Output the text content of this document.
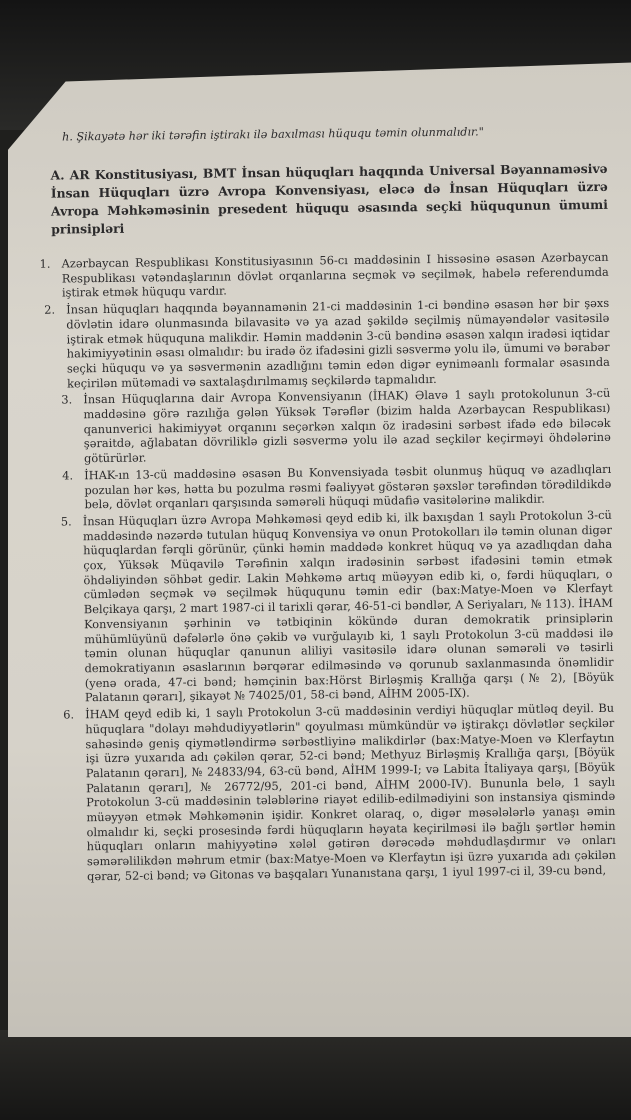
h. Şikayətə hər iki tərəfin iştirakı ilə baxılması hüququ təmin olunmalıdır."

A. AR Konstitusiyası, BMT İnsan hüquqları haqqında Universal Bəyannaməsivə İnsan Hüquqları üzrə Avropa Konvensiyası, eləcə də İnsan Hüquqları üzrə Avropa Məhkəməsinin presedent hüququ əsasında seçki hüququnun ümumi prinsipləri

1. Azərbaycan Respublikası Konstitusiyasının 56-cı maddəsinin I hissəsinə əsasən Azərbaycan Respublikası vətəndaşlarının dövlət orqanlarına seçmək və seçilmək, habelə referendumda iştirak etmək hüququ vardır.
2. İnsan hüquqları haqqında bəyannamənin 21-ci maddəsinin 1-ci bəndinə əsasən hər bir şəxs dövlətin idarə olunmasında bilavasitə və ya azad şəkildə seçilmiş nümayəndələr vasitəsilə iştirak etmək hüququna malikdir. Həmin maddənin 3-cü bəndinə əsasən xalqın iradəsi iqtidar hakimiyyətinin əsası olmalıdır: bu iradə öz ifadəsini gizli səsvermə yolu ilə, ümumi və bərabər seçki hüququ və ya səsvermənin azadlığını təmin edən digər eyniməanlı formalar əsasında keçirilən mütəmadi və saxtalaşdırılmamış seçkilərdə tapmalıdır.
3. İnsan Hüquqlarına dair Avropa Konvensiyanın (İHAK) Əlavə 1 saylı protokolunun 3-cü maddəsinə görə razılığa gələn Yüksək Tərəflər (bizim halda Azərbaycan Respublikası) qanunverici hakimiyyət orqanını seçərkən xalqın öz iradəsini sərbəst ifadə edə biləcək şəraitdə, ağlabatan dövriliklə gizli səsvermə yolu ilə azad seçkilər keçirməyi öhdələrinə götürürlər.
4. İHAK-ın 13-cü maddəsinə əsasən Bu Konvensiyada təsbit olunmuş hüquq və azadlıqları pozulan hər kəs, hətta bu pozulma rəsmi fəaliyyət göstərən şəxslər tərəfindən törədildikdə belə, dövlət orqanları qarşısında səmərəli hüquqi müdafiə vasitələrinə malikdir.
5. İnsan Hüquqları üzrə Avropa Məhkəməsi qeyd edib ki, ilk baxışdan 1 saylı Protokolun 3-cü maddəsində nəzərdə tutulan hüquq Konvensiya və onun Protokolları ilə təmin olunan digər hüquqlardan fərqli görünür, çünki həmin maddədə konkret hüquq və ya azadlıqdan daha çox, Yüksək Müqavilə Tərəfinin xalqın iradəsinin sərbəst ifadəsini təmin etmək öhdəliyindən söhbət gedir. Lakin Məhkəmə artıq müəyyən edib ki, o, fərdi hüquqları, o cümlədən seçmək və seçilmək hüququnu təmin edir (bax:Matye-Moen və Klerfayt Belçikaya qarşı, 2 mart 1987-ci il tarixli qərar, 46-51-ci bəndlər, A Seriyaları, № 113). İHAM Konvensiyanın şərhinin və tətbiqinin kökündə duran demokratik prinsiplərin mühümlüyünü dəfələrlə önə çəkib və vurğulayıb ki, 1 saylı Protokolun 3-cü maddəsi ilə təmin olunan hüquqlar qanunun aliliyi vasitəsilə idarə olunan səmərəli və təsirli demokratiyanın əsaslarının bərqərar edilməsində və qorunub saxlanmasında önəmlidir (yenə orada, 47-ci bənd; həmçinin bax:Hörst Birləşmiş Krallığa qarşı (№ 2), [Böyük Palatanın qərarı], şikayət № 74025/01, 58-ci bənd, AİHM 2005-IX).
6. İHAM qeyd edib ki, 1 saylı Protokolun 3-cü maddəsinin verdiyi hüquqlar mütləq deyil. Bu hüquqlara "dolayı məhdudiyyətlərin" qoyulması mümkündür və iştirakçı dövlətlər seçkilər sahəsində geniş qiymətləndirmə sərbəstliyinə malikdirlər (bax:Matye-Moen və Klerfaytın işi üzrə yuxarıda adı çəkilən qərar, 52-ci bənd; Methyuz Birləşmiş Krallığa qarşı, [Böyük Palatanın qərarı], № 24833/94, 63-cü bənd, AİHM 1999-I; və Labita İtaliyaya qarşı, [Böyük Palatanın qərarı], № 26772/95, 201-ci bənd, AİHM 2000-IV). Bununla belə, 1 saylı Protokolun 3-cü maddəsinin tələblərinə riayət edilib-edilmədiyini son instansiya qismində müəyyən etmək Məhkəmənin işidir. Konkret olaraq, o, digər məsələlərlə yanaşı əmin olmalıdır ki, seçki prosesində fərdi hüquqların həyata keçirilməsi ilə bağlı şərtlər həmin hüquqları onların mahiyyətinə xələl gətirən dərəcədə məhdudlaşdırmır və onları səmərəlilikdən məhrum etmir (bax:Matye-Moen və Klerfaytın işi üzrə yuxarıda adı çəkilən qərar, 52-ci bənd; və Gitonas və başqaları Yunanıstana qarşı, 1 iyul 1997-ci il, 39-cu bənd,
